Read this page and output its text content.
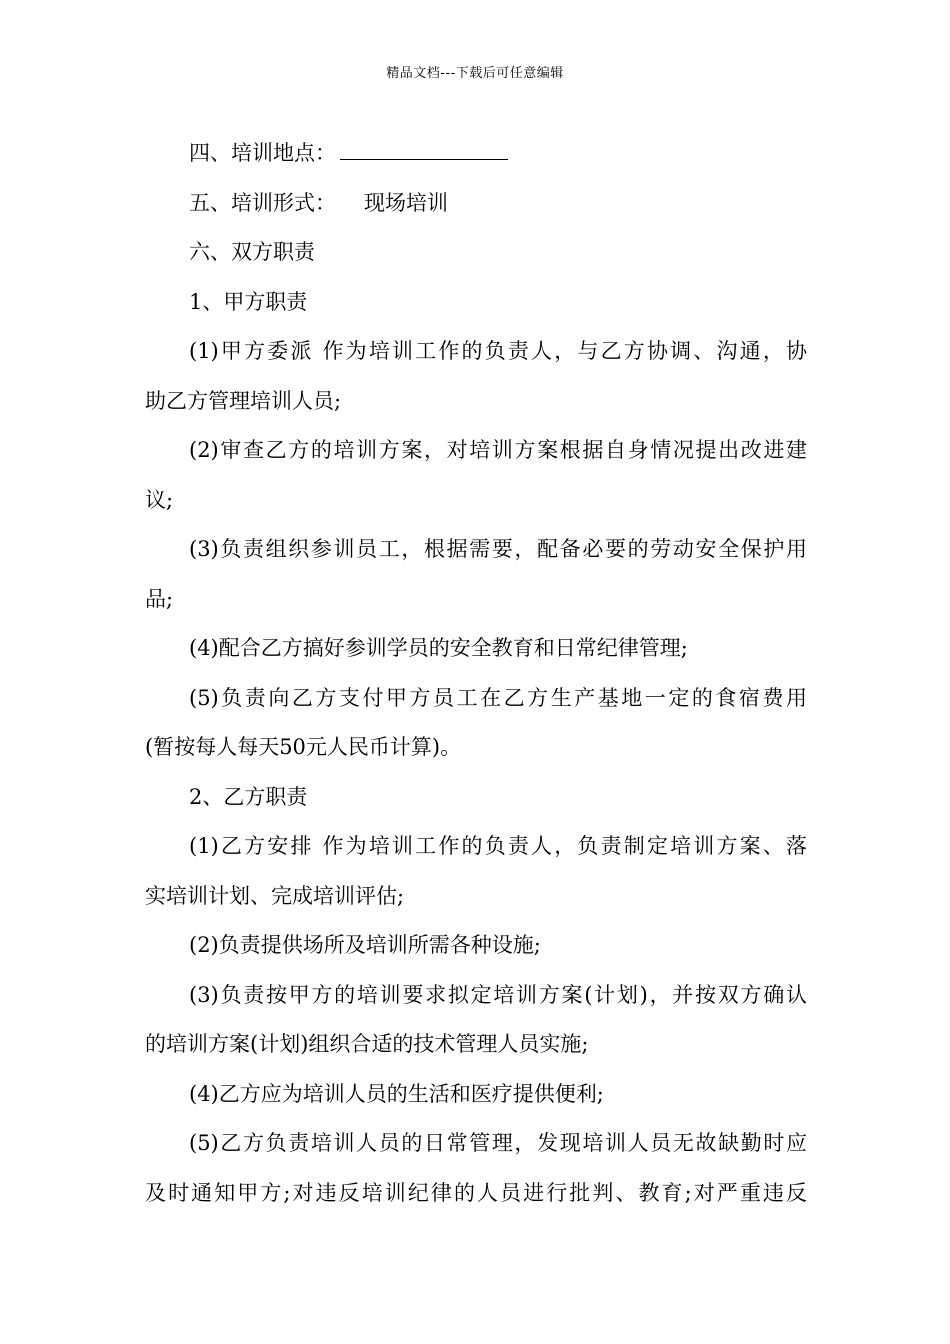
精品文档---下载后可任意编辑
四、培训地点：
五、培训形式： 现场培训
六、双方职责
1、甲方职责
(1)甲方委派 作为培训工作的负责人，与乙方协调、沟通，协
助乙方管理培训人员;
(2)审查乙方的培训方案，对培训方案根据自身情况提出改进建
议;
(3)负责组织参训员工，根据需要，配备必要的劳动安全保护用
品;
(4)配合乙方搞好参训学员的安全教育和日常纪律管理;
(5)负责向乙方支付甲方员工在乙方生产基地一定的食宿费用
(暂按每人每天50元人民币计算)。
2、乙方职责
(1)乙方安排 作为培训工作的负责人，负责制定培训方案、落
实培训计划、完成培训评估;
(2)负责提供场所及培训所需各种设施;
(3)负责按甲方的培训要求拟定培训方案(计划)，并按双方确认
的培训方案(计划)组织合适的技术管理人员实施;
(4)乙方应为培训人员的生活和医疗提供便利;
(5)乙方负责培训人员的日常管理，发现培训人员无故缺勤时应
及时通知甲方;对违反培训纪律的人员进行批判、教育;对严重违反
